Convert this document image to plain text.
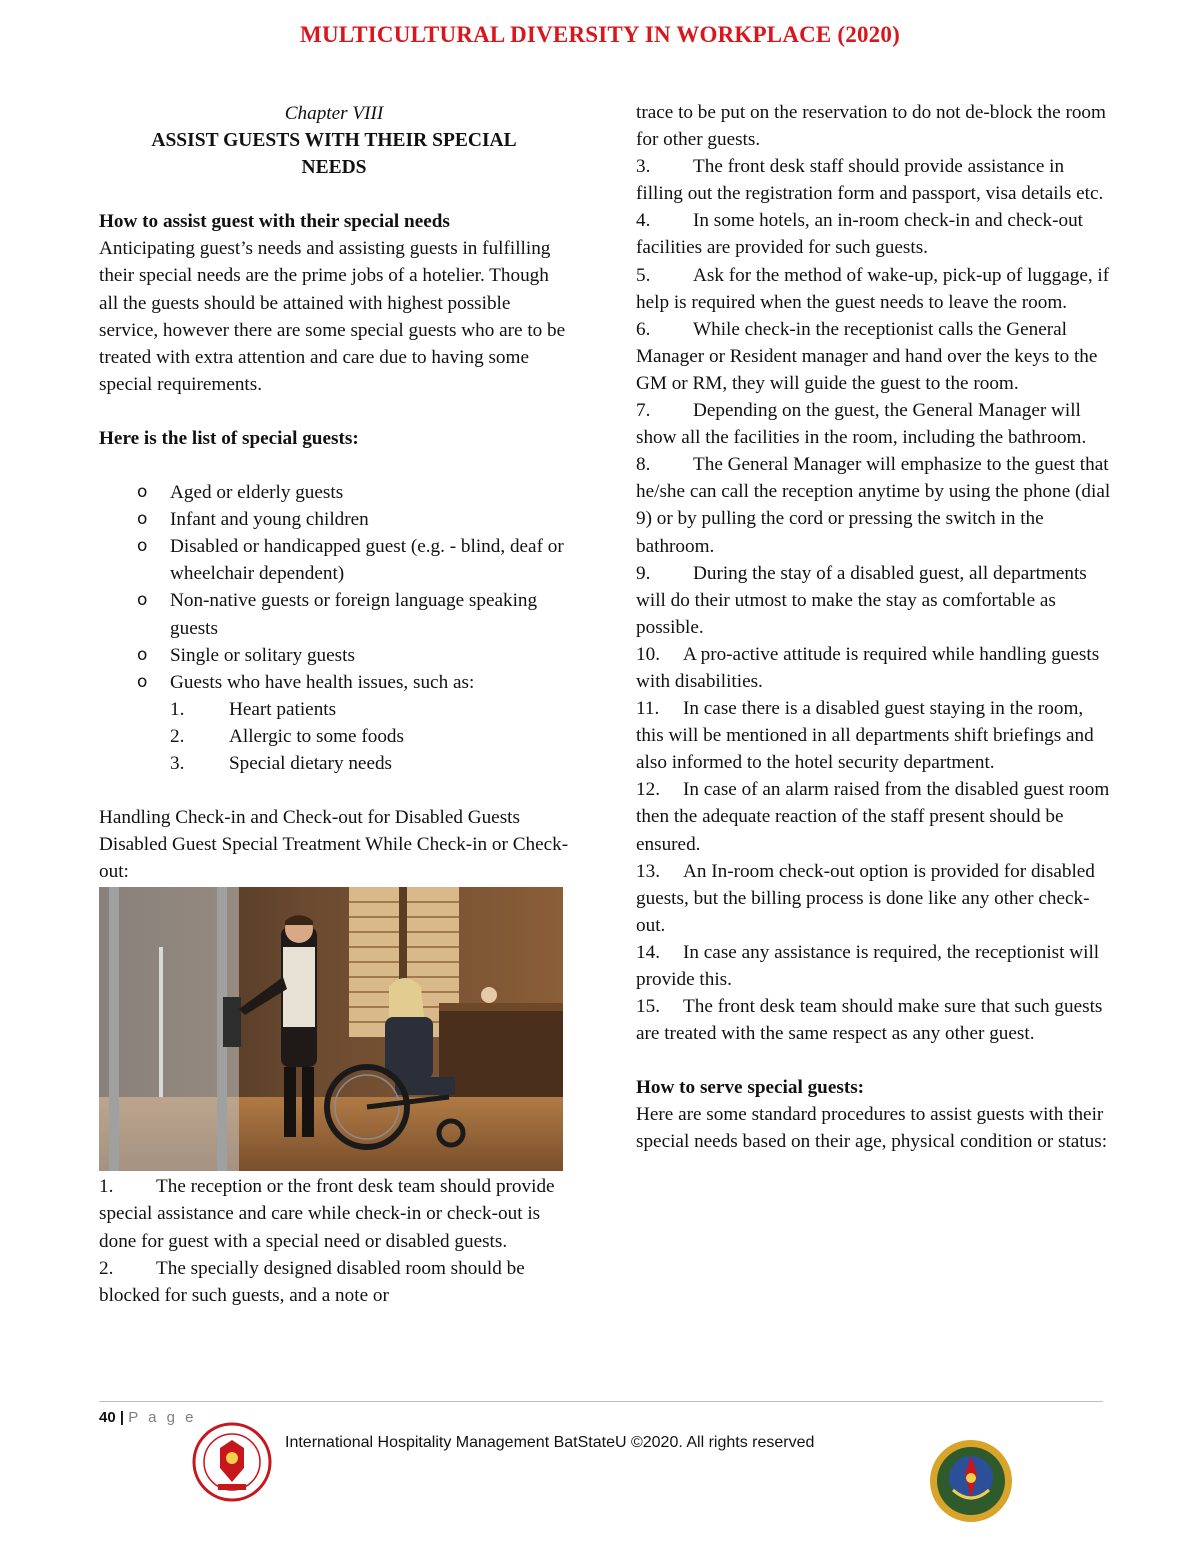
MULTICULTURAL DIVERSITY IN WORKPLACE (2020)
Chapter VIII
ASSIST GUESTS WITH THEIR SPECIAL
NEEDS
How to assist guest with their special needs

Anticipating guest’s needs and assisting guests in fulfilling their special needs are the prime jobs of a hotelier. Though all the guests should be attained with highest possible service, however there are some special guests who are to be treated with extra attention and care due to having some special requirements.

Here is the list of special guests:
o Aged or elderly guests
o Infant and young children
o Disabled or handicapped guest (e.g. - blind, deaf or wheelchair dependent)
o Non-native guests or foreign language speaking guests
o Single or solitary guests
o Guests who have health issues, such as:
1. Heart patients
2. Allergic to some foods
3. Special dietary needs
Handling Check-in and Check-out for Disabled Guests
Disabled Guest Special Treatment While Check-in or Check-out:
1. The reception or the front desk team should provide special assistance and care while check-in or check-out is done for guest with a special need or disabled guests.
2. The specially designed disabled room should be blocked for such guests, and a note or
trace to be put on the reservation to do not de-block the room for other guests.
3. The front desk staff should provide assistance in filling out the registration form and passport, visa details etc.
4. In some hotels, an in-room check-in and check-out facilities are provided for such guests.
5. Ask for the method of wake-up, pick-up of luggage, if help is required when the guest needs to leave the room.
6. While check-in the receptionist calls the General Manager or Resident manager and hand over the keys to the GM or RM, they will guide the guest to the room.
7. Depending on the guest, the General Manager will show all the facilities in the room, including the bathroom.
8. The General Manager will emphasize to the guest that he/she can call the reception anytime by using the phone (dial 9) or by pulling the cord or pressing the switch in the bathroom.
9. During the stay of a disabled guest, all departments will do their utmost to make the stay as comfortable as possible.
10. A pro-active attitude is required while handling guests with disabilities.
11. In case there is a disabled guest staying in the room, this will be mentioned in all departments shift briefings and also informed to the hotel security department.
12. In case of an alarm raised from the disabled guest room then the adequate reaction of the staff present should be ensured.
13. An In-room check-out option is provided for disabled guests, but the billing process is done like any other check-out.
14. In case any assistance is required, the receptionist will provide this.
15. The front desk team should make sure that such guests are treated with the same respect as any other guest.
How to serve special guests:
Here are some standard procedures to assist guests with their special needs based on their age, physical condition or status:
40 | P a g e
International Hospitality Management BatStateU ©2020. All rights reserved
